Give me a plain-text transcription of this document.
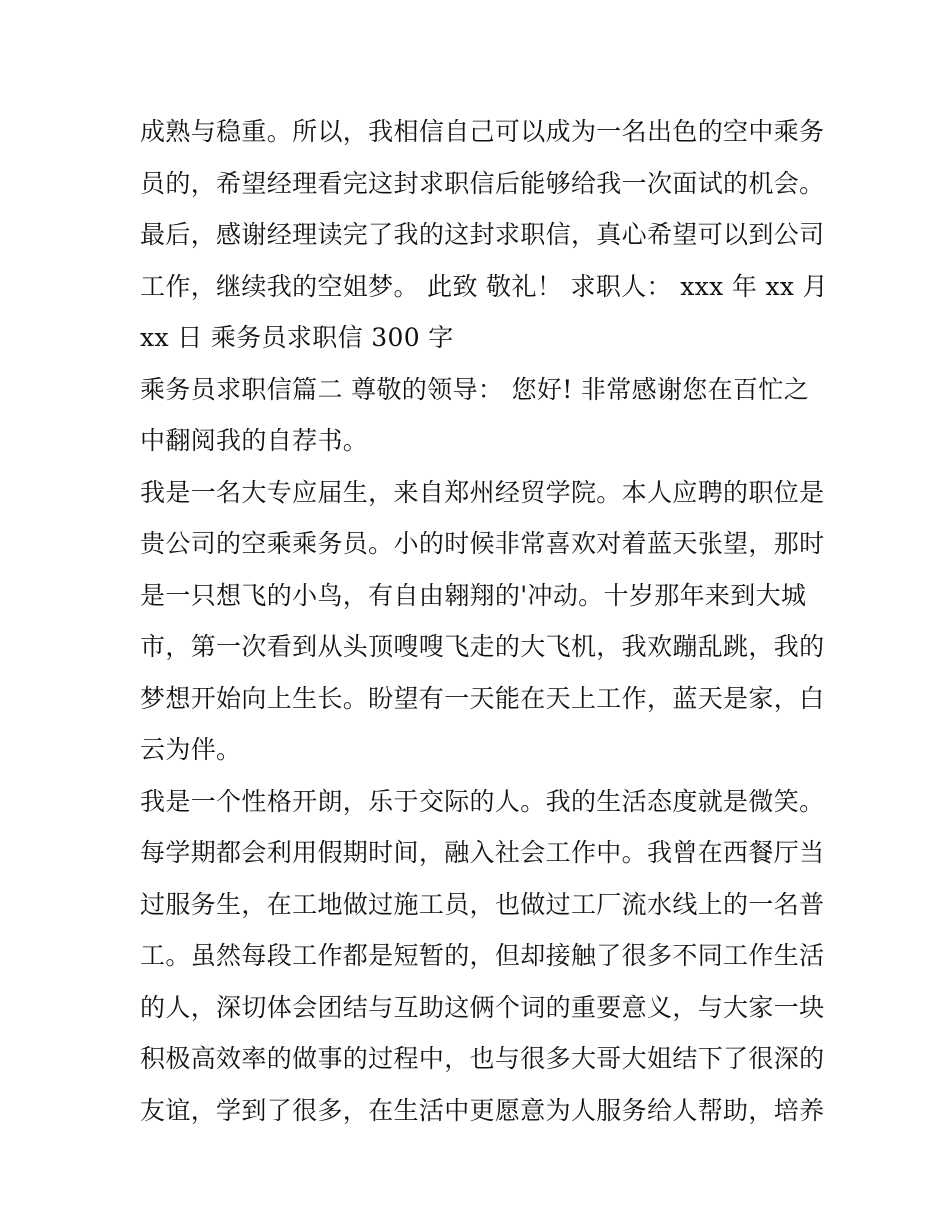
成熟与稳重。所以，我相信自己可以成为一名出色的空中乘务
员的，希望经理看完这封求职信后能够给我一次面试的机会。
最后，感谢经理读完了我的这封求职信，真心希望可以到公司
工作，继续我的空姐梦。 此致 敬礼！ 求职人： xxx 年 xx 月
xx 日 乘务员求职信 300 字
乘务员求职信篇二 尊敬的领导： 您好! 非常感谢您在百忙之
中翻阅我的自荐书。
我是一名大专应届生，来自郑州经贸学院。本人应聘的职位是
贵公司的空乘乘务员。小的时候非常喜欢对着蓝天张望，那时
是一只想飞的小鸟，有自由翱翔的'冲动。十岁那年来到大城
市，第一次看到从头顶嗖嗖飞走的大飞机，我欢蹦乱跳，我的
梦想开始向上生长。盼望有一天能在天上工作，蓝天是家，白
云为伴。
我是一个性格开朗，乐于交际的人。我的生活态度就是微笑。
每学期都会利用假期时间，融入社会工作中。我曾在西餐厅当
过服务生，在工地做过施工员，也做过工厂流水线上的一名普
工。虽然每段工作都是短暂的，但却接触了很多不同工作生活
的人，深切体会团结与互助这俩个词的重要意义，与大家一块
积极高效率的做事的过程中，也与很多大哥大姐结下了很深的
友谊，学到了很多，在生活中更愿意为人服务给人帮助，培养
